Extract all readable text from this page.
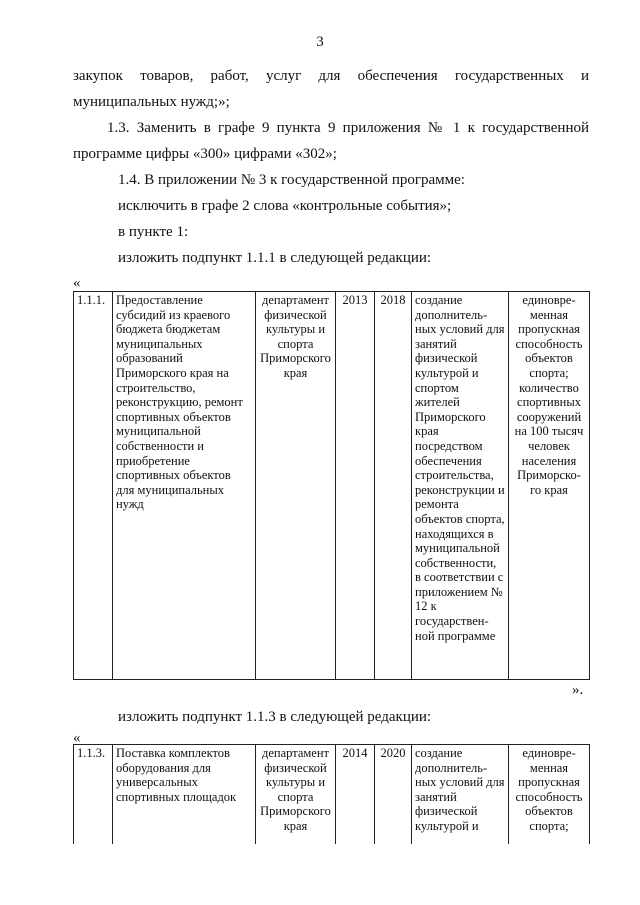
3
закупок товаров, работ, услуг для обеспечения государственных и
муниципальных нужд;»;
1.3. Заменить в графе 9 пункта 9 приложения № 1 к государственной
программе цифры «300» цифрами «302»;
1.4. В приложении № 3 к государственной программе:
исключить в графе 2 слова «контрольные события»;
в пункте 1:
изложить подпункт 1.1.1 в следующей редакции:
«
1.1.1.	Предоставление субсидий из краевого бюджета бюджетам муниципальных образований Приморского края на строительство, реконструкцию, ремонт спортивных объектов муниципальной собственности и приобретение спортивных объектов для муниципальных нужд	департамент физической культуры и спорта Приморского края	2013	2018	создание дополнитель-ных условий для занятий физической культурой и спортом жителей Приморского края посредством обеспечения строительства, реконструкции и ремонта объектов спорта, находящихся в муниципальной собственности, в соответствии с приложением № 12 к государствен-ной программе	единовре-менная пропускная способность объектов спорта; количество спортивных сооружений на 100 тысяч человек населения Приморско-го края
».
изложить подпункт 1.1.3 в следующей редакции:
«
1.1.3.	Поставка комплектов оборудования для универсальных спортивных площадок	департамент физической культуры и спорта Приморского края	2014	2020	создание дополнитель-ных условий для занятий физической культурой и	единовре-менная пропускная способность объектов спорта;
